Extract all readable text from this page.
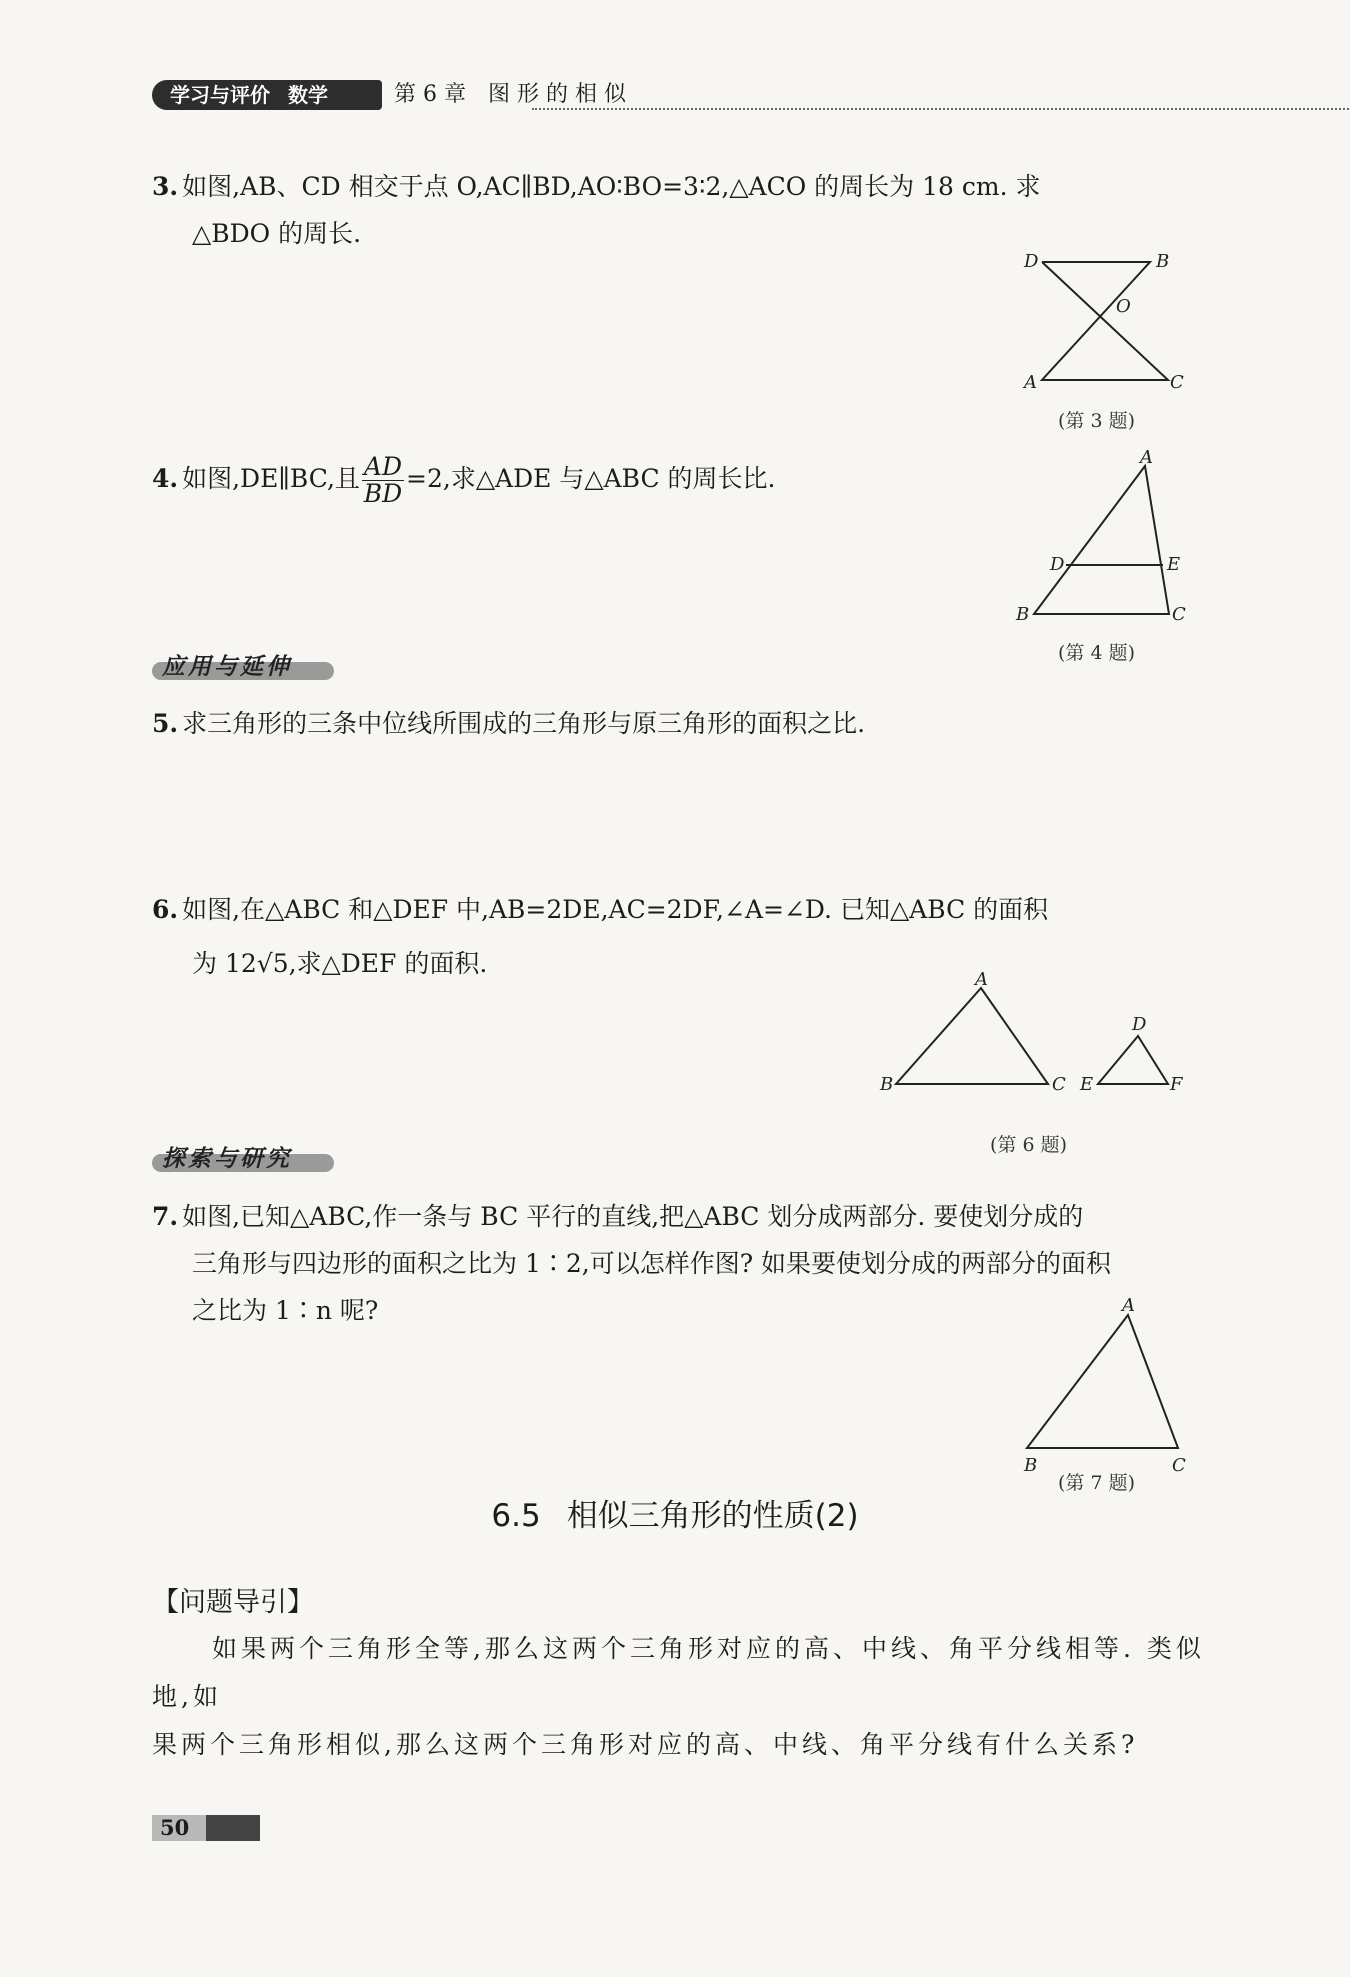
学习与评价 数学	第 6 章　图 形 的 相 似
3. 如图,AB、CD 相交于点 O,AC∥BD,AO∶BO=3∶2,△ACO 的周长为 18 cm. 求
△BDO 的周长.
D	B
O
A	C
(第 3 题)
4. 如图,DE∥BC,且 $\frac{AD}{BD} =2$,求△ADE 与△ABC 的周长比.
A
D	E
B	C
(第 4 题)
应用与延伸
5. 求三角形的三条中位线所围成的三角形与原三角形的面积之比.
6. 如图,在△ABC 和△DEF 中,AB=2DE,AC=2DF,∠A=∠D. 已知△ABC 的面积
为 12√5,求△DEF 的面积.
A
B	C
D
E	F
(第 6 题)
探索与研究
7. 如图,已知△ABC,作一条与 BC 平行的直线,把△ABC 划分成两部分. 要使划分成的
三角形与四边形的面积之比为 1∶2,可以怎样作图? 如果要使划分成的两部分的面积
之比为 1∶n 呢?	A
B	C
(第 7 题)
6.5 相似三角形的性质(2)
【问题导引】
如果两个三角形全等,那么这两个三角形对应的高、中线、角平分线相等. 类似地,如
果两个三角形相似,那么这两个三角形对应的高、中线、角平分线有什么关系?
50
